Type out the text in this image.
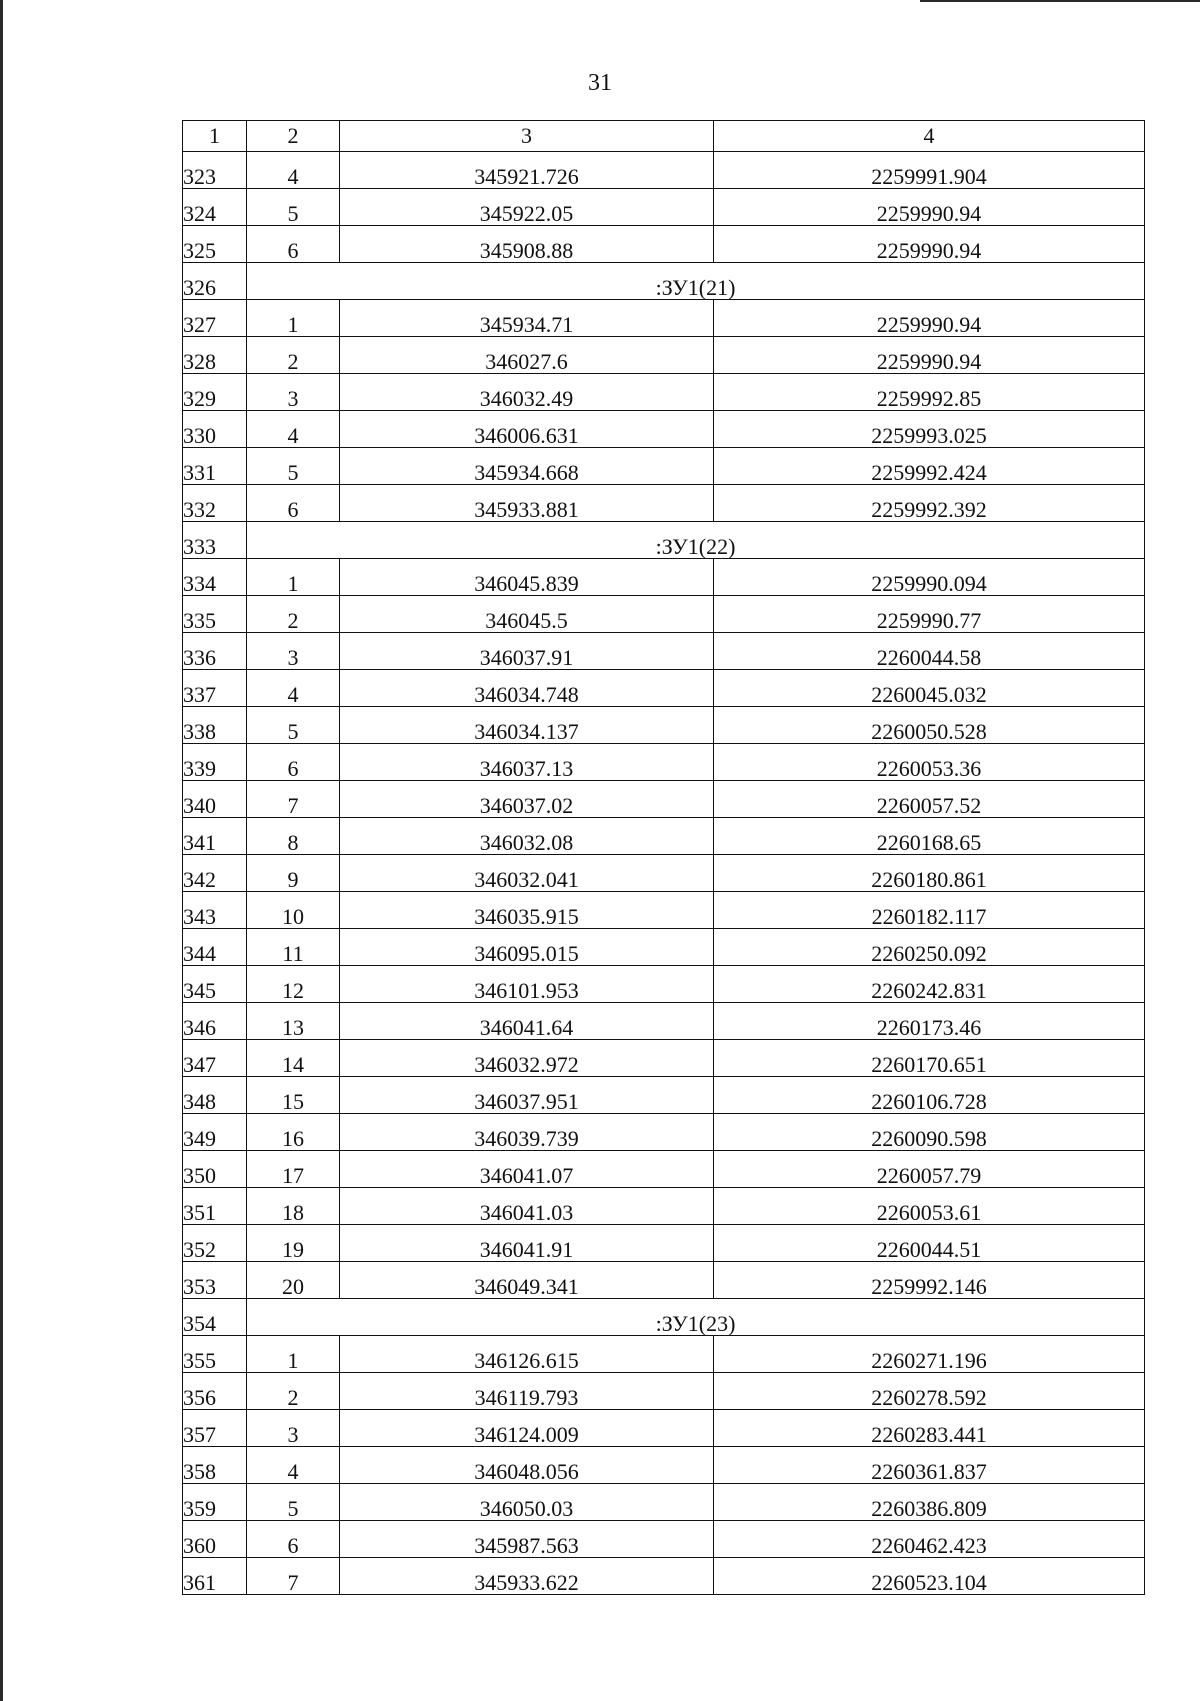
31
1	2	3	4
323	4	345921.726	2259991.904
324	5	345922.05	2259990.94
325	6	345908.88	2259990.94
326	:ЗУ1(21)		
327	1	345934.71	2259990.94
328	2	346027.6	2259990.94
329	3	346032.49	2259992.85
330	4	346006.631	2259993.025
331	5	345934.668	2259992.424
332	6	345933.881	2259992.392
333	:ЗУ1(22)		
334	1	346045.839	2259990.094
335	2	346045.5	2259990.77
336	3	346037.91	2260044.58
337	4	346034.748	2260045.032
338	5	346034.137	2260050.528
339	6	346037.13	2260053.36
340	7	346037.02	2260057.52
341	8	346032.08	2260168.65
342	9	346032.041	2260180.861
343	10	346035.915	2260182.117
344	11	346095.015	2260250.092
345	12	346101.953	2260242.831
346	13	346041.64	2260173.46
347	14	346032.972	2260170.651
348	15	346037.951	2260106.728
349	16	346039.739	2260090.598
350	17	346041.07	2260057.79
351	18	346041.03	2260053.61
352	19	346041.91	2260044.51
353	20	346049.341	2259992.146
354	:ЗУ1(23)		
355	1	346126.615	2260271.196
356	2	346119.793	2260278.592
357	3	346124.009	2260283.441
358	4	346048.056	2260361.837
359	5	346050.03	2260386.809
360	6	345987.563	2260462.423
361	7	345933.622	2260523.104
